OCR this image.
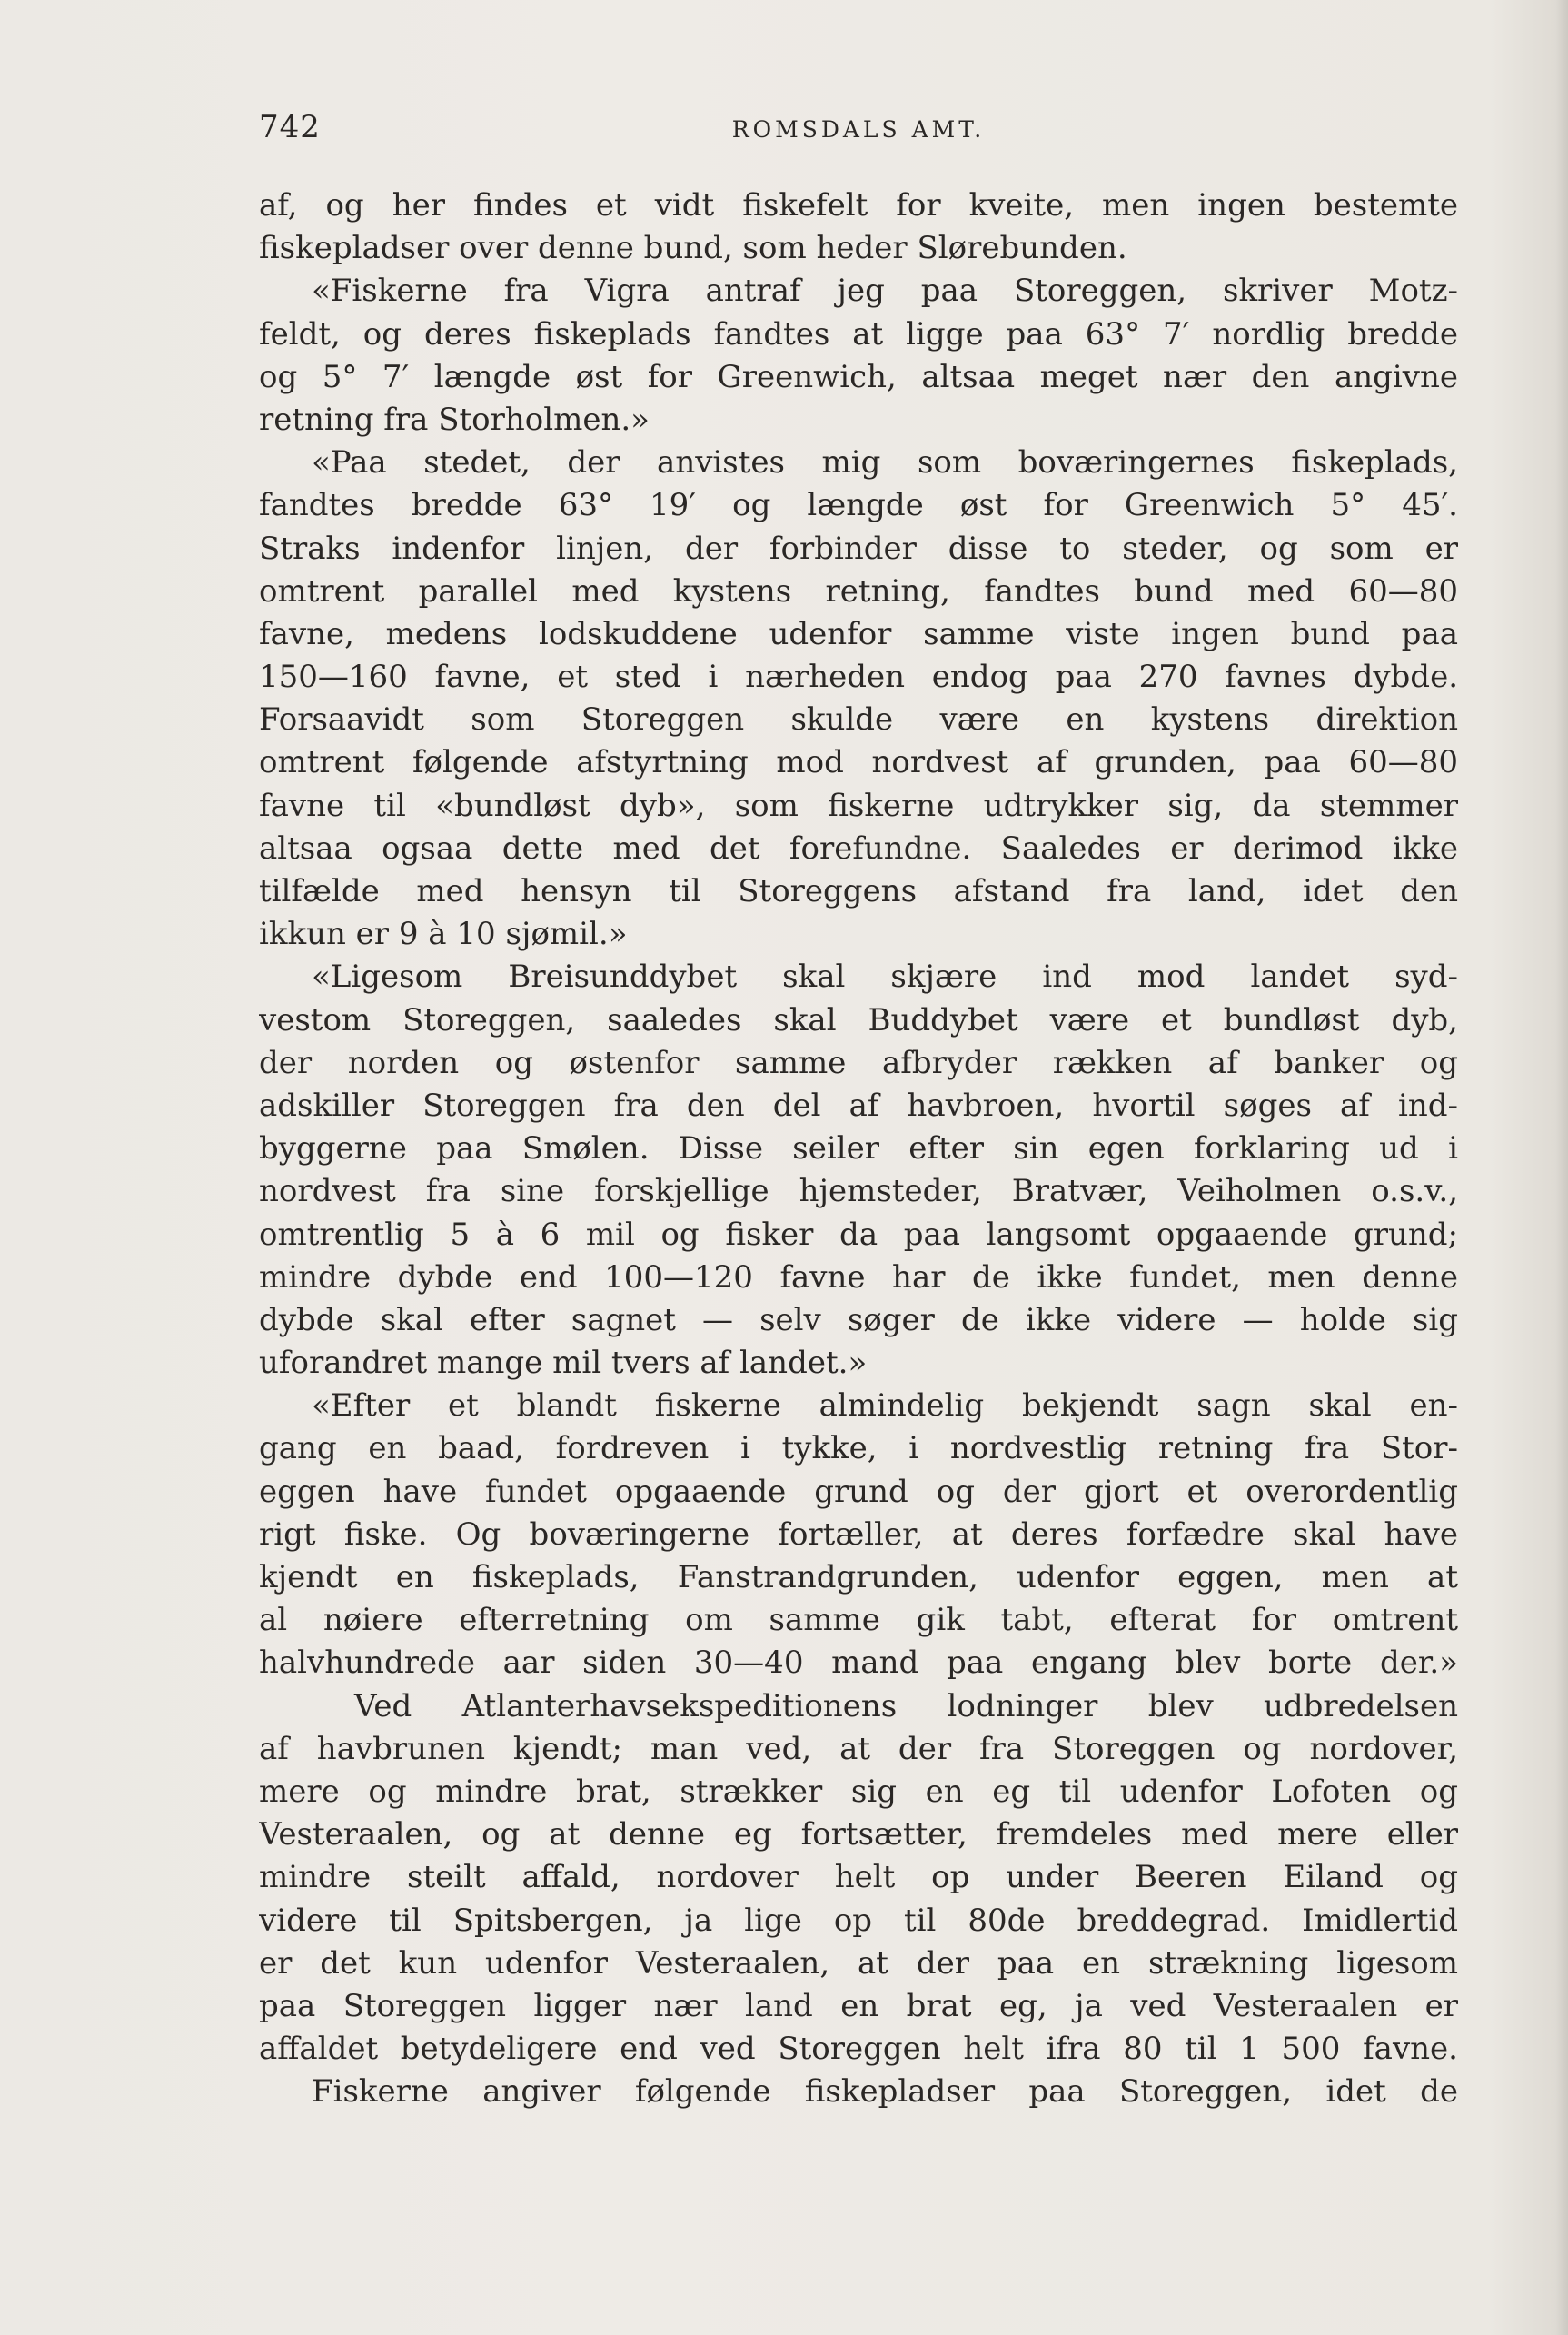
742	ROMSDALS AMT.
af, og her findes et vidt fiskefelt for kveite, men ingen bestemte
fiskepladser over denne bund, som heder Slørebunden.
«Fiskerne fra Vigra antraf jeg paa Storeggen, skriver Motz-
feldt, og deres fiskeplads fandtes at ligge paa 63° 7′ nordlig bredde
og 5° 7′ længde øst for Greenwich, altsaa meget nær den angivne
retning fra Storholmen.»
«Paa stedet, der anvistes mig som boværingernes fiskeplads,
fandtes bredde 63° 19′ og længde øst for Greenwich 5° 45′.
Straks indenfor linjen, der forbinder disse to steder, og som er
omtrent parallel med kystens retning, fandtes bund med 60—80
favne, medens lodskuddene udenfor samme viste ingen bund paa
150—160 favne, et sted i nærheden endog paa 270 favnes dybde.
Forsaavidt som Storeggen skulde være en kystens direktion
omtrent følgende afstyrtning mod nordvest af grunden, paa 60—80
favne til «bundløst dyb», som fiskerne udtrykker sig, da stemmer
altsaa ogsaa dette med det forefundne. Saaledes er derimod ikke
tilfælde med hensyn til Storeggens afstand fra land, idet den
ikkun er 9 à 10 sjømil.»
«Ligesom Breisunddybet skal skjære ind mod landet syd-
vestom Storeggen, saaledes skal Buddybet være et bundløst dyb,
der norden og østenfor samme afbryder rækken af banker og
adskiller Storeggen fra den del af havbroen, hvortil søges af ind-
byggerne paa Smølen. Disse seiler efter sin egen forklaring ud i
nordvest fra sine forskjellige hjemsteder, Bratvær, Veiholmen o.s.v.,
omtrentlig 5 à 6 mil og fisker da paa langsomt opgaaende grund;
mindre dybde end 100—120 favne har de ikke fundet, men denne
dybde skal efter sagnet — selv søger de ikke videre — holde sig
uforandret mange mil tvers af landet.»
«Efter et blandt fiskerne almindelig bekjendt sagn skal en-
gang en baad, fordreven i tykke, i nordvestlig retning fra Stor-
eggen have fundet opgaaende grund og der gjort et overordentlig
rigt fiske. Og boværingerne fortæller, at deres forfædre skal have
kjendt en fiskeplads, Fanstrandgrunden, udenfor eggen, men at
al nøiere efterretning om samme gik tabt, efterat for omtrent
halvhundrede aar siden 30—40 mand paa engang blev borte der.»
Ved Atlanterhavsekspeditionens lodninger blev udbredelsen
af havbrunen kjendt; man ved, at der fra Storeggen og nordover,
mere og mindre brat, strækker sig en eg til udenfor Lofoten og
Vesteraalen, og at denne eg fortsætter, fremdeles med mere eller
mindre steilt affald, nordover helt op under Beeren Eiland og
videre til Spitsbergen, ja lige op til 80de breddegrad. Imidlertid
er det kun udenfor Vesteraalen, at der paa en strækning ligesom
paa Storeggen ligger nær land en brat eg, ja ved Vesteraalen er
affaldet betydeligere end ved Storeggen helt ifra 80 til 1 500 favne.
Fiskerne angiver følgende fiskepladser paa Storeggen, idet de
